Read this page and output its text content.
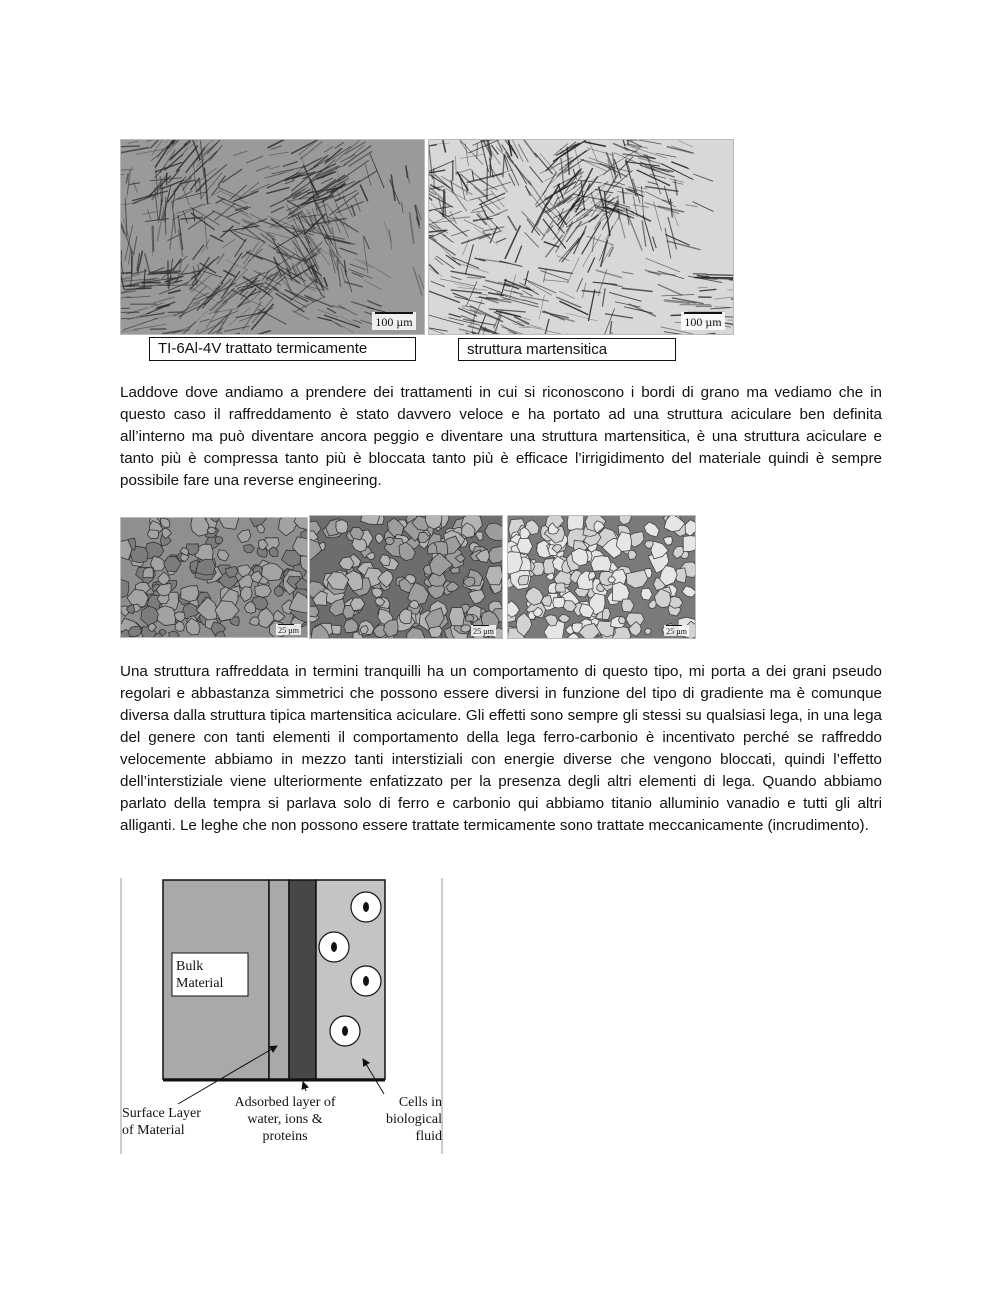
100 µm	100 µm
TI-6Al-4V trattato termicamente	struttura martensitica

Laddove dove andiamo a prendere dei trattamenti in cui si riconoscono i bordi di grano ma vediamo che in questo caso il raffreddamento è stato davvero veloce e ha portato ad una struttura aciculare ben definita all’interno ma può diventare ancora peggio e diventare una struttura martensitica, è una struttura aciculare e tanto più è compressa tanto più è bloccata tanto più è efficace l’irrigidimento del materiale quindi è sempre possibile fare una reverse engineering.

25 µm	25 µm	25 µm

Una struttura raffreddata in termini tranquilli ha un comportamento di questo tipo, mi porta a dei grani pseudo regolari e abbastanza simmetrici che possono essere diversi in funzione del tipo di gradiente ma è comunque diversa dalla struttura tipica martensitica aciculare. Gli effetti sono sempre gli stessi su qualsiasi lega, in una lega del genere con tanti elementi il comportamento della lega ferro-carbonio è incentivato perché se raffreddo velocemente abbiamo in mezzo tanti interstiziali con energie diverse che vengono bloccati, quindi l’effetto dell’interstiziale viene ulteriormente enfatizzato per la presenza degli altri elementi di lega. Quando abbiamo parlato della tempra si parlava solo di ferro e carbonio qui abbiamo titanio alluminio vanadio e tutti gli altri alliganti. Le leghe che non possono essere trattate termicamente sono trattate meccanicamente (incrudimento).

Bulk
Material
Surface Layer
of Material
Adsorbed layer of
water, ions &
proteins
Cells in
biological
fluid
